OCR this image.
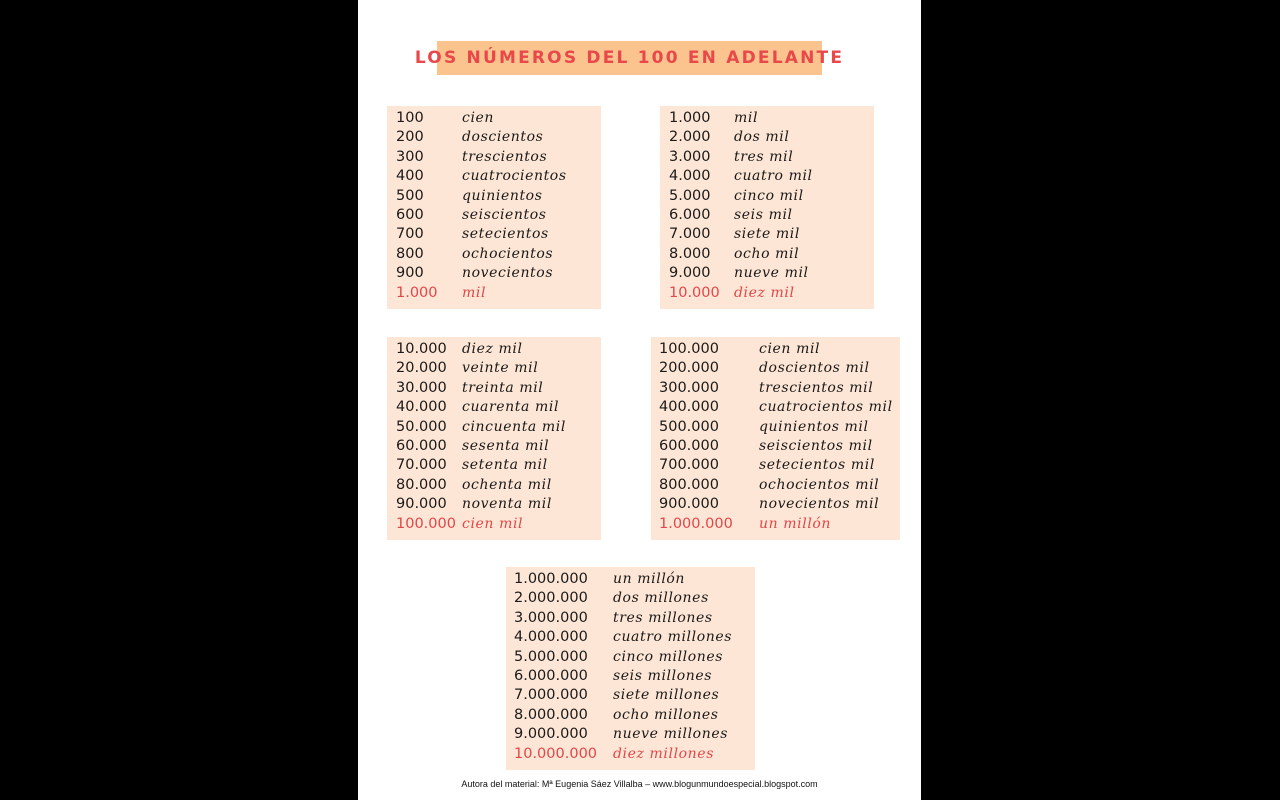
LOS NÚMEROS DEL 100 EN ADELANTE
100	cien
200	doscientos
300	trescientos
400	cuatrocientos
500	quinientos
600	seiscientos
700	setecientos
800	ochocientos
900	novecientos
1.000 mil
1.000 mil
2.000 dos mil
3.000 tres mil
4.000 cuatro mil
5.000 cinco mil
6.000 seis mil
7.000 siete mil
8.000 ocho mil
9.000 nueve mil
10.000 diez mil
10.000 diez mil
20.000 veinte mil
30.000 treinta mil
40.000 cuarenta mil
50.000 cincuenta mil
60.000 sesenta mil
70.000 setenta mil
80.000 ochenta mil
90.000 noventa mil
100.000 cien mil
100.000	cien mil
200.000	doscientos mil
300.000	trescientos mil
400.000	cuatrocientos mil
500.000	quinientos mil
600.000	seiscientos mil
700.000	setecientos mil
800.000	ochocientos mil
900.000	novecientos mil
1.000.000 un millón
1.000.000 un millón
2.000.000 dos millones
3.000.000 tres millones
4.000.000 cuatro millones
5.000.000 cinco millones
6.000.000 seis millones
7.000.000 siete millones
8.000.000 ocho millones
9.000.000 nueve millones
10.000.000 diez millones
Autora del material: Mª Eugenia Sáez Villalba – www.blogunmundoespecial.blogspot.com
